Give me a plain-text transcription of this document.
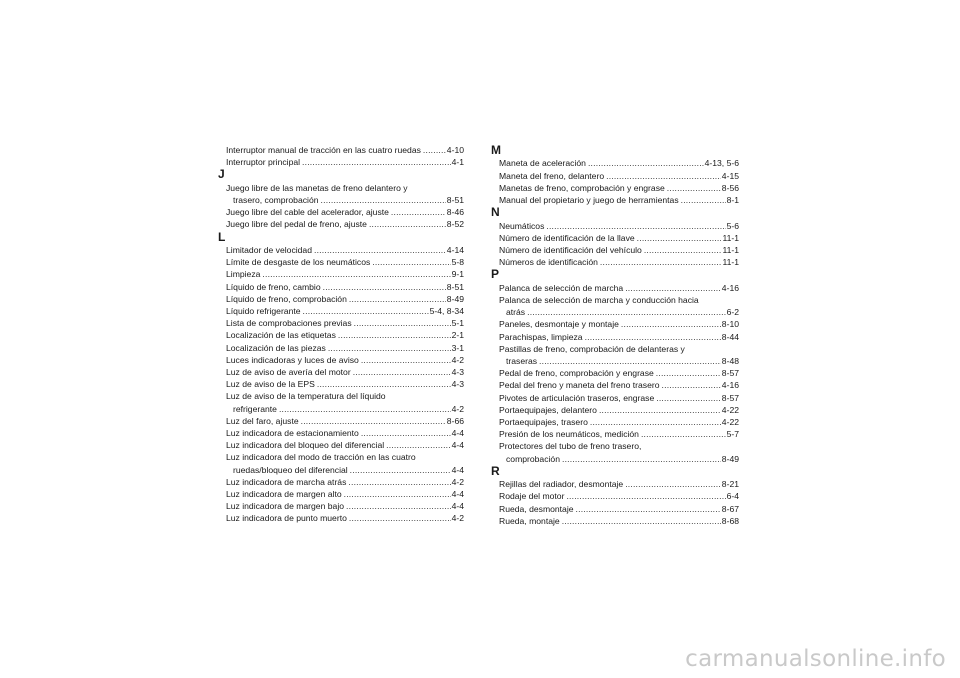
Interruptor manual de tracción en las cuatro ruedas .....	4-10
Interruptor principal .....	4-1
J
Juego libre de las manetas de freno delantero y
trasero, comprobación .....	8-51
Juego libre del cable del acelerador, ajuste .....	8-46
Juego libre del pedal de freno, ajuste .....	8-52
L
Limitador de velocidad .....	4-14
Límite de desgaste de los neumáticos .....	5-8
Limpieza .....	9-1
Líquido de freno, cambio .....	8-51
Líquido de freno, comprobación .....	8-49
Líquido refrigerante .....	5-4, 8-34
Lista de comprobaciones previas .....	5-1
Localización de las etiquetas .....	2-1
Localización de las piezas .....	3-1
Luces indicadoras y luces de aviso .....	4-2
Luz de aviso de avería del motor .....	4-3
Luz de aviso de la EPS .....	4-3
Luz de aviso de la temperatura del líquido
refrigerante .....	4-2
Luz del faro, ajuste .....	8-66
Luz indicadora de estacionamiento .....	4-4
Luz indicadora del bloqueo del diferencial .....	4-4
Luz indicadora del modo de tracción en las cuatro
ruedas/bloqueo del diferencial .....	4-4
Luz indicadora de marcha atrás .....	4-2
Luz indicadora de margen alto .....	4-4
Luz indicadora de margen bajo .....	4-4
Luz indicadora de punto muerto .....	4-2
M
Maneta de aceleración .....	4-13, 5-6
Maneta del freno, delantero .....	4-15
Manetas de freno, comprobación y engrase .....	8-56
Manual del propietario y juego de herramientas .....	8-1
N
Neumáticos .....	5-6
Número de identificación de la llave .....	11-1
Número de identificación del vehículo .....	11-1
Números de identificación .....	11-1
P
Palanca de selección de marcha .....	4-16
Palanca de selección de marcha y conducción hacia
atrás .....	6-2
Paneles, desmontaje y montaje .....	8-10
Parachispas, limpieza .....	8-44
Pastillas de freno, comprobación de delanteras y
traseras .....	8-48
Pedal de freno, comprobación y engrase .....	8-57
Pedal del freno y maneta del freno trasero .....	4-16
Pivotes de articulación traseros, engrase .....	8-57
Portaequipajes, delantero .....	4-22
Portaequipajes, trasero .....	4-22
Presión de los neumáticos, medición .....	5-7
Protectores del tubo de freno trasero,
comprobación .....	8-49
R
Rejillas del radiador, desmontaje .....	8-21
Rodaje del motor .....	6-4
Rueda, desmontaje .....	8-67
Rueda, montaje .....	8-68
carmanualsonline.info
